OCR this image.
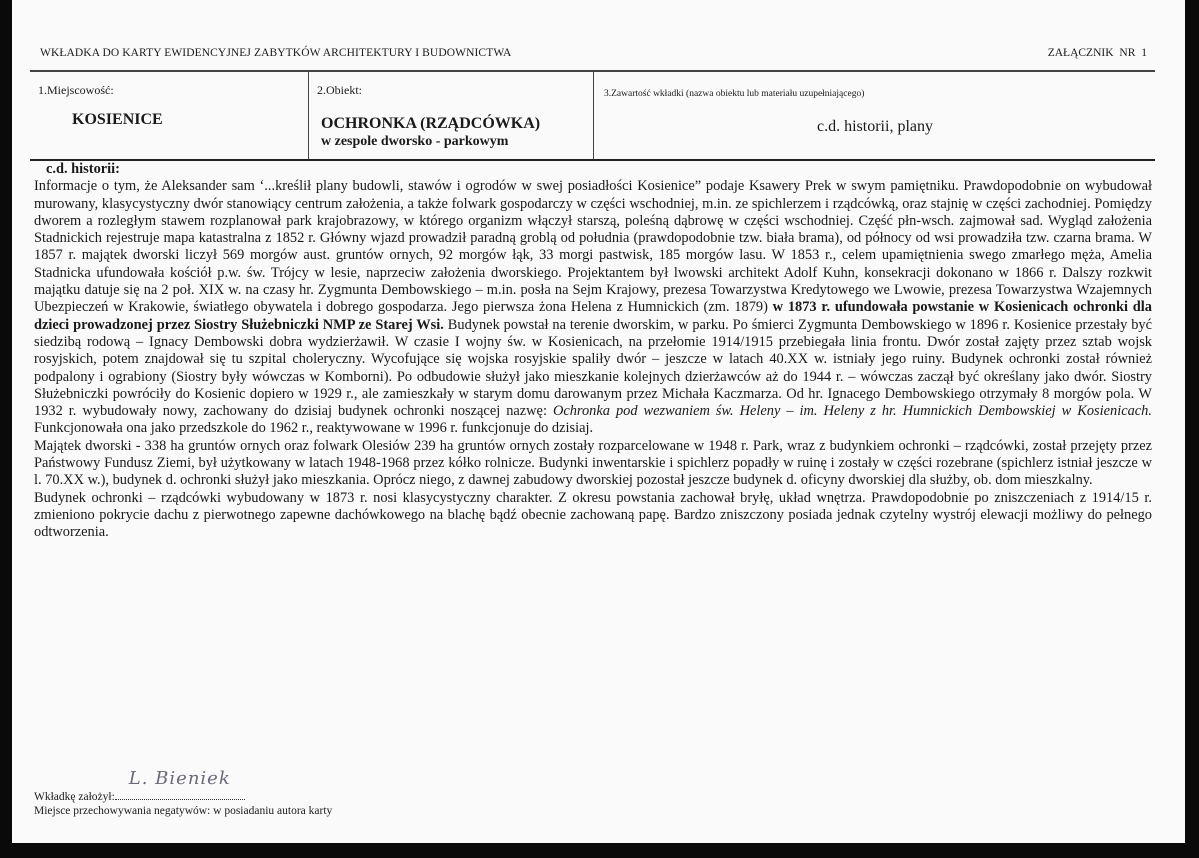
WKŁADKA DO KARTY EWIDENCYJNEJ ZABYTKÓW ARCHITEKTURY I BUDOWNICTWA	ZAŁĄCZNIK NR 1
1.Miejscowość:
KOSIENICE
2.Obiekt:
OCHRONKA (RZĄDCÓWKA)
w zespole dworsko - parkowym
3.Zawartość wkładki (nazwa obiektu lub materiału uzupełniającego)
c.d. historii, plany
c.d. historii:
Informacje o tym, że Aleksander sam ‘...kreślił plany budowli, stawów i ogrodów w swej posiadłości Kosienice” podaje Ksawery Prek w swym pamiętniku. Prawdopodobnie on wybudował murowany, klasycystyczny dwór stanowiący centrum założenia, a także folwark gospodarczy w części wschodniej, m.in. ze spichlerzem i rządcówką, oraz stajnię w części zachodniej. Pomiędzy dworem a rozległym stawem rozplanował park krajobrazowy, w którego organizm włączył starszą, poleśną dąbrowę w części wschodniej. Część płn-wsch. zajmował sad. Wygląd założenia Stadnickich rejestruje mapa katastralna z 1852 r. Główny wjazd prowadził paradną groblą od południa (prawdopodobnie tzw. biała brama), od północy od wsi prowadziła tzw. czarna brama. W 1857 r. majątek dworski liczył 569 morgów aust. gruntów ornych, 92 morgów łąk, 33 morgi pastwisk, 185 morgów lasu. W 1853 r., celem upamiętnienia swego zmarłego męża, Amelia Stadnicka ufundowała kościół p.w. św. Trójcy w lesie, naprzeciw założenia dworskiego. Projektantem był lwowski architekt Adolf Kuhn, konsekracji dokonano w 1866 r. Dalszy rozkwit majątku datuje się na 2 poł. XIX w. na czasy hr. Zygmunta Dembowskiego – m.in. posła na Sejm Krajowy, prezesa Towarzystwa Kredytowego we Lwowie, prezesa Towarzystwa Wzajemnych Ubezpieczeń w Krakowie, światłego obywatela i dobrego gospodarza. Jego pierwsza żona Helena z Humnickich (zm. 1879) w 1873 r. ufundowała powstanie w Kosienicach ochronki dla dzieci prowadzonej przez Siostry Służebniczki NMP ze Starej Wsi. Budynek powstał na terenie dworskim, w parku. Po śmierci Zygmunta Dembowskiego w 1896 r. Kosienice przestały być siedzibą rodową – Ignacy Dembowski dobra wydzierżawił. W czasie I wojny św. w Kosienicach, na przełomie 1914/1915 przebiegała linia frontu. Dwór został zajęty przez sztab wojsk rosyjskich, potem znajdował się tu szpital choleryczny. Wycofujące się wojska rosyjskie spaliły dwór – jeszcze w latach 40.XX w. istniały jego ruiny. Budynek ochronki został również podpalony i ograbiony (Siostry były wówczas w Komborni). Po odbudowie służył jako mieszkanie kolejnych dzierżawców aż do 1944 r. – wówczas zaczął być określany jako dwór. Siostry Służebniczki powróciły do Kosienic dopiero w 1929 r., ale zamieszkały w starym domu darowanym przez Michała Kaczmarza. Od hr. Ignacego Dembowskiego otrzymały 8 morgów pola. W 1932 r. wybudowały nowy, zachowany do dzisiaj budynek ochronki noszącej nazwę: Ochronka pod wezwaniem św. Heleny – im. Heleny z hr. Humnickich Dembowskiej w Kosienicach. Funkcjonowała ona jako przedszkole do 1962 r., reaktywowane w 1996 r. funkcjonuje do dzisiaj.
Majątek dworski - 338 ha gruntów ornych oraz folwark Olesiów 239 ha gruntów ornych zostały rozparcelowane w 1948 r. Park, wraz z budynkiem ochronki – rządcówki, został przejęty przez Państwowy Fundusz Ziemi, był użytkowany w latach 1948-1968 przez kółko rolnicze. Budynki inwentarskie i spichlerz popadły w ruinę i zostały w części rozebrane (spichlerz istniał jeszcze w l. 70.XX w.), budynek d. ochronki służył jako mieszkania. Oprócz niego, z dawnej zabudowy dworskiej pozostał jeszcze budynek d. oficyny dworskiej dla służby, ob. dom mieszkalny.
Budynek ochronki – rządcówki wybudowany w 1873 r. nosi klasycystyczny charakter. Z okresu powstania zachował bryłę, układ wnętrza. Prawdopodobnie po zniszczeniach z 1914/15 r. zmieniono pokrycie dachu z pierwotnego zapewne dachówkowego na blachę bądź obecnie zachowaną papę. Bardzo zniszczony posiada jednak czytelny wystrój elewacji możliwy do pełnego odtworzenia.
Wkładkę założył:
L. Bieniek
Miejsce przechowywania negatywów: w posiadaniu autora karty
